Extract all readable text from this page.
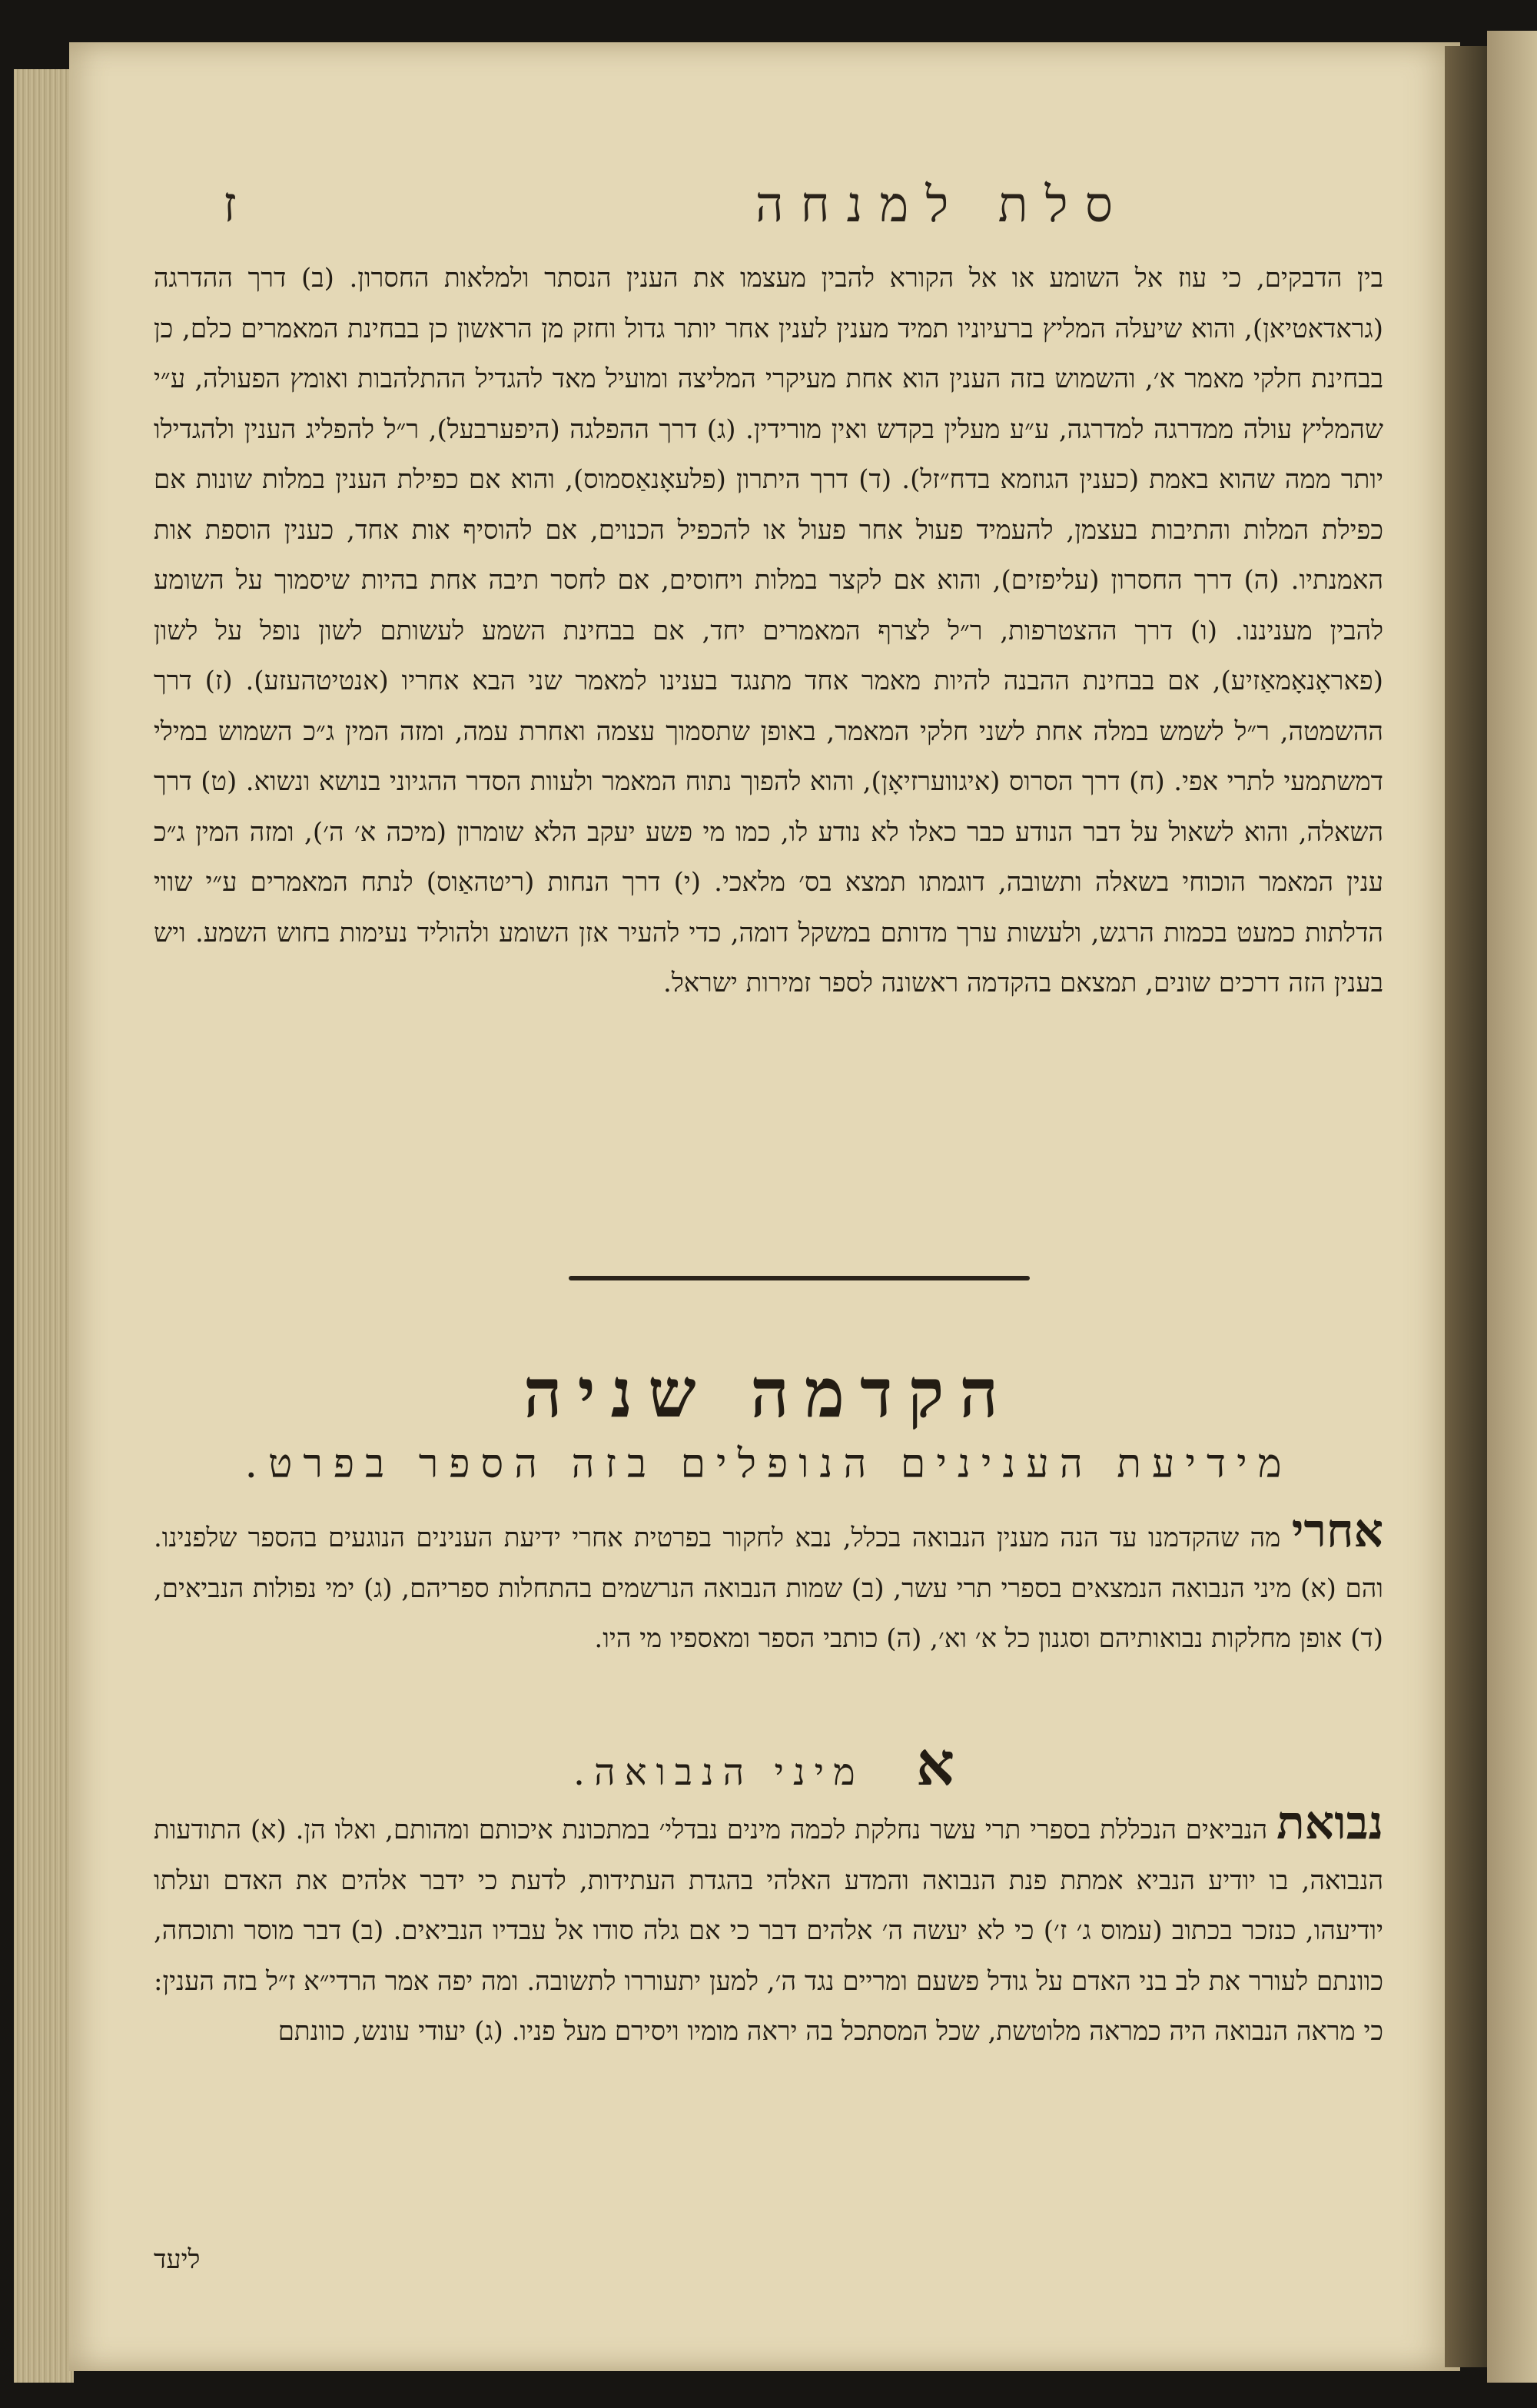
סלת למנחה
ז
בין הדבקים, כי עוז אל השומע או אל הקורא להבין מעצמו את הענין הנסתר ולמלאות החסרון. (ב) דרך ההדרגה (גראדאטיאן), והוא שיעלה המליץ ברעיוניו תמיד מענין לענין אחר יותר גדול וחזק מן הראשון כן בבחינת המאמרים כלם, כן בבחינת חלקי מאמר א׳, והשמוש בזה הענין הוא אחת מעיקרי המליצה ומועיל מאד להגדיל ההתלהבות ואומץ הפעולה, ע״י שהמליץ עולה ממדרגה למדרגה, ע״ע מעלין בקדש ואין מורידין. (ג) דרך ההפלגה (היפערבעל), ר״ל להפליג הענין ולהגדילו יותר ממה שהוא באמת (כענין הגוזמא בדח״זל). (ד) דרך היתרון (פלעאָנאַסמוס), והוא אם כפילת הענין במלות שונות אם כפילת המלות והתיבות בעצמן, להעמיד פעול אחר פעול או להכפיל הכנוים, אם להוסיף אות אחד, כענין הוספת אות האמנתיו. (ה) דרך החסרון (עליפזים), והוא אם לקצר במלות ויחוסים, אם לחסר תיבה אחת בהיות שיסמוך על השומע להבין מעניננו. (ו) דרך ההצטרפות, ר״ל לצרף המאמרים יחד, אם בבחינת השמע לעשותם לשון נופל על לשון (פאראָנאָמאַזיע), אם בבחינת ההבנה להיות מאמר אחד מתנגד בענינו למאמר שני הבא אחריו (אנטיטהעזע). (ז) דרך ההשמטה, ר״ל לשמש במלה אחת לשני חלקי המאמר, באופן שתסמוך עצמה ואחרת עמה, ומזה המין ג״כ השמוש במילי דמשתמעי לתרי אפי. (ח) דרך הסרוס (איגווערזיאָן), והוא להפוך נתוח המאמר ולעוות הסדר ההגיוני בנושא ונשוא. (ט) דרך השאלה, והוא לשאול על דבר הנודע כבר כאלו לא נודע לו, כמו מי פשע יעקב הלא שומרון (מיכה א׳ ה׳), ומזה המין ג״כ ענין המאמר הוכוחי בשאלה ותשובה, דוגמתו תמצא בס׳ מלאכי. (י) דרך הנחות (ריטהאַוס) לנתח המאמרים ע״י שווי הדלתות כמעט בכמות הרגש, ולעשות ערך מדותם במשקל דומה, כדי להעיר אזן השומע ולהוליד נעימות בחוש השמע. ויש בענין הזה דרכים שונים, תמצאם בהקדמה ראשונה לספר זמירות ישראל.
הקדמה שניה
מידיעת הענינים הנופלים בזה הספר בפרט.
אחרי מה שהקדמנו עד הנה מענין הנבואה בכלל, נבא לחקור בפרטית אחרי ידיעת הענינים הנוגעים בהספר שלפנינו. והם (א) מיני הנבואה הנמצאים בספרי תרי עשר, (ב) שמות הנבואה הנרשמים בהתחלות ספריהם, (ג) ימי נפולות הנביאים, (ד) אופן מחלקות נבואותיהם וסגנון כל א׳ וא׳, (ה) כותבי הספר ומאספיו מי היו.
א מיני הנבואה.
נבואת הנביאים הנכללת בספרי תרי עשר נחלקת לכמה מינים נבדלי׳ במתכונת איכותם ומהותם, ואלו הן. (א) התודעות הנבואה, בו יודיע הנביא אמתת פנת הנבואה והמדע האלהי בהגדת העתידות, לדעת כי ידבר אלהים את האדם ועלתו יודיעהו, כנזכר בכתוב (עמוס ג׳ ז׳) כי לא יעשה ה׳ אלהים דבר כי אם גלה סודו אל עבדיו הנביאים. (ב) דבר מוסר ותוכחה, כוונתם לעורר את לב בני האדם על גודל פשעם ומריים נגד ה׳, למען יתעוררו לתשובה. ומה יפה אמר הרדי״א ז״ל בזה הענין: כי מראה הנבואה היה כמראה מלוטשת, שכל המסתכל בה יראה מומיו ויסירם מעל פניו. (ג) יעודי עונש, כוונתם
ליעד
